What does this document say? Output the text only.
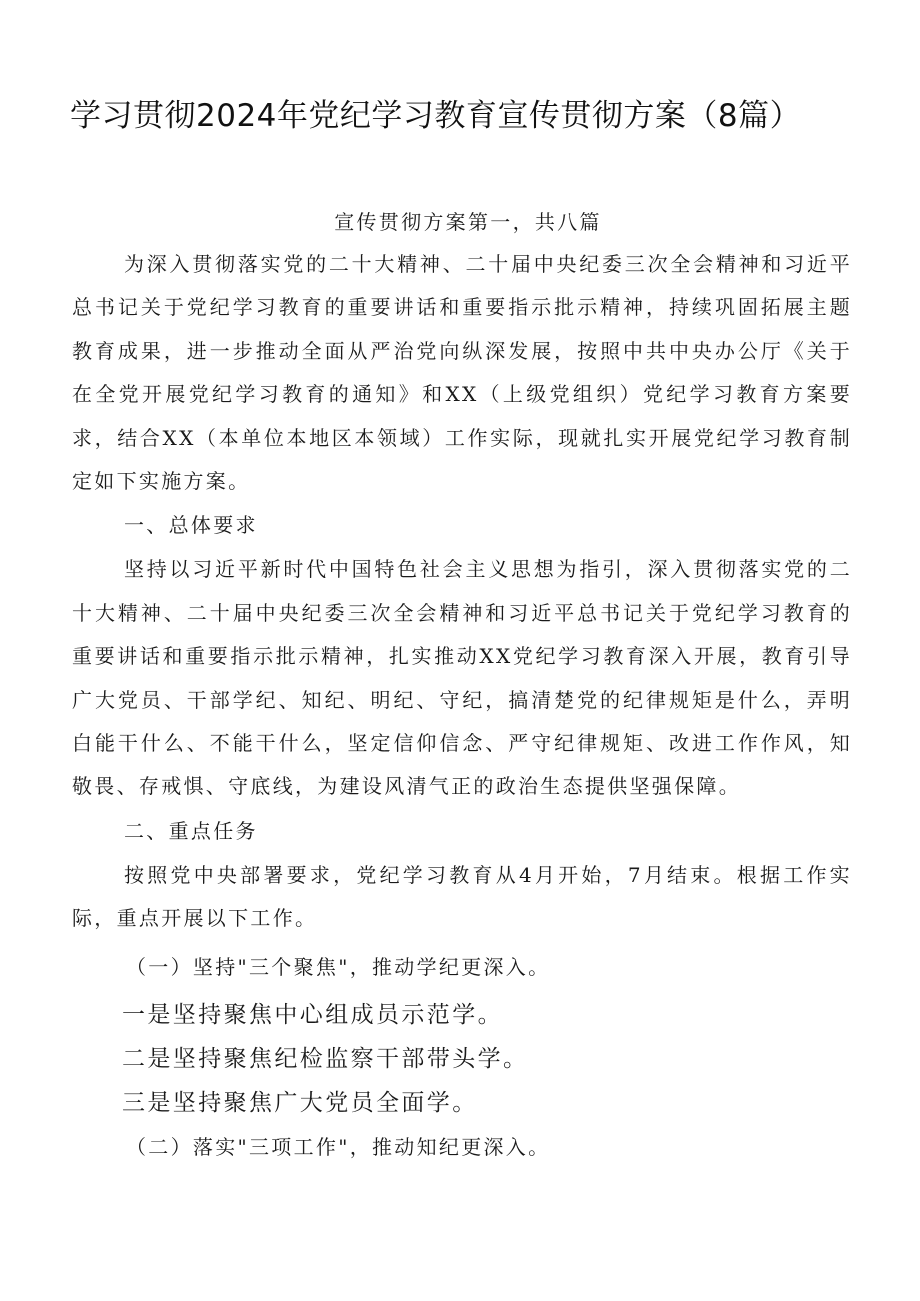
学习贯彻2024年党纪学习教育宣传贯彻方案（8篇）

宣传贯彻方案第一，共八篇

为深入贯彻落实党的二十大精神、二十届中央纪委三次全会精神和习近平总书记关于党纪学习教育的重要讲话和重要指示批示精神，持续巩固拓展主题教育成果，进一步推动全面从严治党向纵深发展，按照中共中央办公厅《关于在全党开展党纪学习教育的通知》和XX（上级党组织）党纪学习教育方案要求，结合XX（本单位本地区本领域）工作实际，现就扎实开展党纪学习教育制定如下实施方案。

一、总体要求

坚持以习近平新时代中国特色社会主义思想为指引，深入贯彻落实党的二十大精神、二十届中央纪委三次全会精神和习近平总书记关于党纪学习教育的重要讲话和重要指示批示精神，扎实推动XX党纪学习教育深入开展，教育引导广大党员、干部学纪、知纪、明纪、守纪，搞清楚党的纪律规矩是什么，弄明白能干什么、不能干什么，坚定信仰信念、严守纪律规矩、改进工作作风，知敬畏、存戒惧、守底线，为建设风清气正的政治生态提供坚强保障。

二、重点任务

按照党中央部署要求，党纪学习教育从4月开始，7月结束。根据工作实际，重点开展以下工作。

（一）坚持"三个聚焦"，推动学纪更深入。

一是坚持聚焦中心组成员示范学。

二是坚持聚焦纪检监察干部带头学。

三是坚持聚焦广大党员全面学。

（二）落实"三项工作"，推动知纪更深入。
